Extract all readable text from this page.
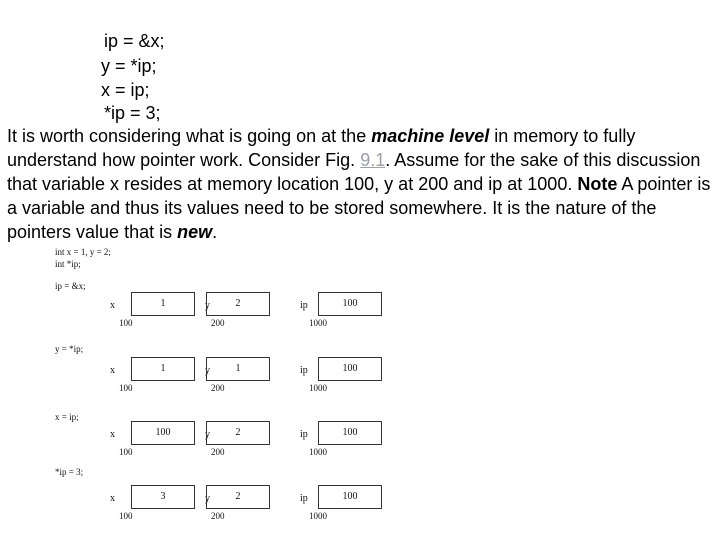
ip = &x;
y = *ip;
x = ip;
*ip = 3;
It is worth considering what is going on at the machine level in memory to fully understand how pointer work. Consider Fig. 9.1. Assume for the sake of this discussion that variable x resides at memory location 100, y at 200 and ip at 1000. Note A pointer is a variable and thus its values need to be stored somewhere. It is the nature of the pointers value that is new.
int x = 1, y = 2;
int *ip;
ip = &x;
x	1
100
y	2
200
ip	100
1000
y = *ip;
x	1
100
y	1
200
ip	100
1000
x = ip;
x	100
100
y	2
200
ip	100
1000
*ip = 3;
x	3
100
y	2
200
ip	100
1000
